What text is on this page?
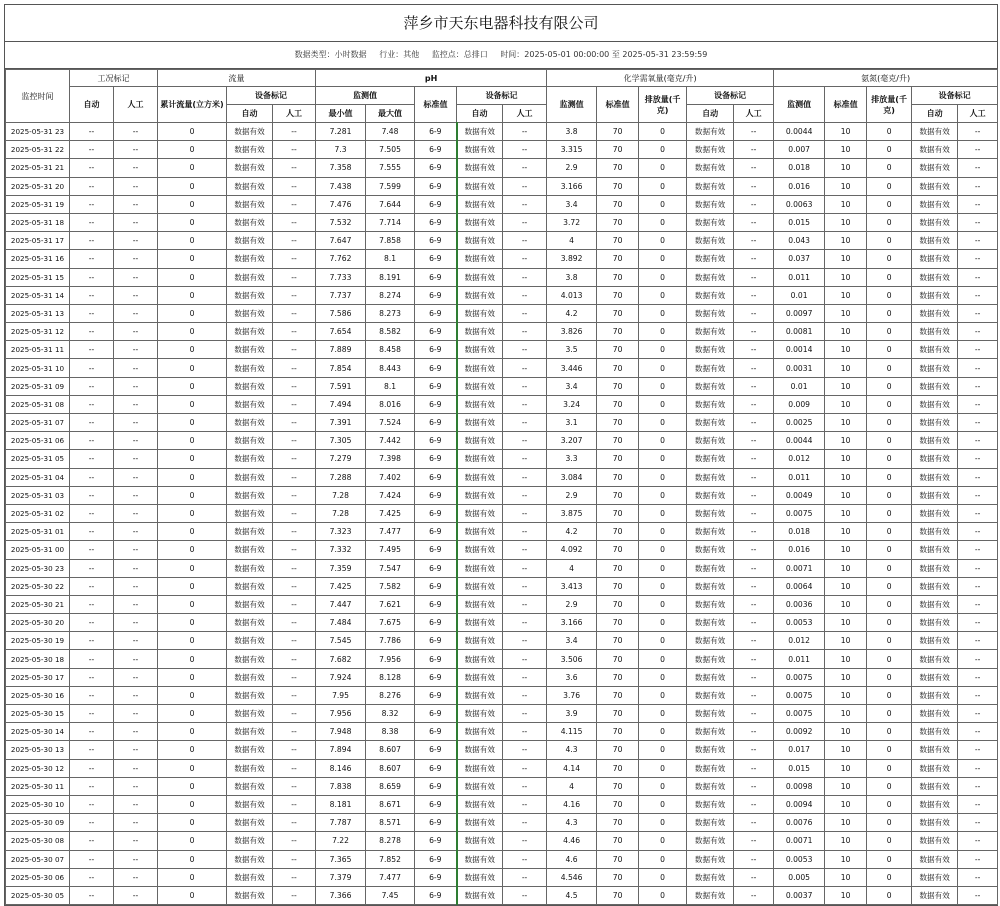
萍乡市天东电器科技有限公司
数据类型：小时数据 行业：其他 监控点：总排口 时间：2025-05-01 00:00:00 至 2025-05-31 23:59:59
监控时间	工况标记		流量			pH					化学需氧量(毫克/升)					氨氮(毫克/升)				
	自动	人工	累计流量(立方米)	设备标记		监测值		标准值	设备标记		监测值	标准值	排放量(千克)	设备标记		监测值	标准值	排放量(千克)	设备标记	
				自动	人工	最小值	最大值		自动	人工				自动	人工				自动	人工
2025-05-31 23	--	--	0	数据有效	--	7.281	7.48	6-9	数据有效	--	3.8	70	0	数据有效	--	0.0044	10	0	数据有效	--
2025-05-31 22	--	--	0	数据有效	--	7.3	7.505	6-9	数据有效	--	3.315	70	0	数据有效	--	0.007	10	0	数据有效	--
2025-05-31 21	--	--	0	数据有效	--	7.358	7.555	6-9	数据有效	--	2.9	70	0	数据有效	--	0.018	10	0	数据有效	--
2025-05-31 20	--	--	0	数据有效	--	7.438	7.599	6-9	数据有效	--	3.166	70	0	数据有效	--	0.016	10	0	数据有效	--
2025-05-31 19	--	--	0	数据有效	--	7.476	7.644	6-9	数据有效	--	3.4	70	0	数据有效	--	0.0063	10	0	数据有效	--
2025-05-31 18	--	--	0	数据有效	--	7.532	7.714	6-9	数据有效	--	3.72	70	0	数据有效	--	0.015	10	0	数据有效	--
2025-05-31 17	--	--	0	数据有效	--	7.647	7.858	6-9	数据有效	--	4	70	0	数据有效	--	0.043	10	0	数据有效	--
2025-05-31 16	--	--	0	数据有效	--	7.762	8.1	6-9	数据有效	--	3.892	70	0	数据有效	--	0.037	10	0	数据有效	--
2025-05-31 15	--	--	0	数据有效	--	7.733	8.191	6-9	数据有效	--	3.8	70	0	数据有效	--	0.011	10	0	数据有效	--
2025-05-31 14	--	--	0	数据有效	--	7.737	8.274	6-9	数据有效	--	4.013	70	0	数据有效	--	0.01	10	0	数据有效	--
2025-05-31 13	--	--	0	数据有效	--	7.586	8.273	6-9	数据有效	--	4.2	70	0	数据有效	--	0.0097	10	0	数据有效	--
2025-05-31 12	--	--	0	数据有效	--	7.654	8.582	6-9	数据有效	--	3.826	70	0	数据有效	--	0.0081	10	0	数据有效	--
2025-05-31 11	--	--	0	数据有效	--	7.889	8.458	6-9	数据有效	--	3.5	70	0	数据有效	--	0.0014	10	0	数据有效	--
2025-05-31 10	--	--	0	数据有效	--	7.854	8.443	6-9	数据有效	--	3.446	70	0	数据有效	--	0.0031	10	0	数据有效	--
2025-05-31 09	--	--	0	数据有效	--	7.591	8.1	6-9	数据有效	--	3.4	70	0	数据有效	--	0.01	10	0	数据有效	--
2025-05-31 08	--	--	0	数据有效	--	7.494	8.016	6-9	数据有效	--	3.24	70	0	数据有效	--	0.009	10	0	数据有效	--
2025-05-31 07	--	--	0	数据有效	--	7.391	7.524	6-9	数据有效	--	3.1	70	0	数据有效	--	0.0025	10	0	数据有效	--
2025-05-31 06	--	--	0	数据有效	--	7.305	7.442	6-9	数据有效	--	3.207	70	0	数据有效	--	0.0044	10	0	数据有效	--
2025-05-31 05	--	--	0	数据有效	--	7.279	7.398	6-9	数据有效	--	3.3	70	0	数据有效	--	0.012	10	0	数据有效	--
2025-05-31 04	--	--	0	数据有效	--	7.288	7.402	6-9	数据有效	--	3.084	70	0	数据有效	--	0.011	10	0	数据有效	--
2025-05-31 03	--	--	0	数据有效	--	7.28	7.424	6-9	数据有效	--	2.9	70	0	数据有效	--	0.0049	10	0	数据有效	--
2025-05-31 02	--	--	0	数据有效	--	7.28	7.425	6-9	数据有效	--	3.875	70	0	数据有效	--	0.0075	10	0	数据有效	--
2025-05-31 01	--	--	0	数据有效	--	7.323	7.477	6-9	数据有效	--	4.2	70	0	数据有效	--	0.018	10	0	数据有效	--
2025-05-31 00	--	--	0	数据有效	--	7.332	7.495	6-9	数据有效	--	4.092	70	0	数据有效	--	0.016	10	0	数据有效	--
2025-05-30 23	--	--	0	数据有效	--	7.359	7.547	6-9	数据有效	--	4	70	0	数据有效	--	0.0071	10	0	数据有效	--
2025-05-30 22	--	--	0	数据有效	--	7.425	7.582	6-9	数据有效	--	3.413	70	0	数据有效	--	0.0064	10	0	数据有效	--
2025-05-30 21	--	--	0	数据有效	--	7.447	7.621	6-9	数据有效	--	2.9	70	0	数据有效	--	0.0036	10	0	数据有效	--
2025-05-30 20	--	--	0	数据有效	--	7.484	7.675	6-9	数据有效	--	3.166	70	0	数据有效	--	0.0053	10	0	数据有效	--
2025-05-30 19	--	--	0	数据有效	--	7.545	7.786	6-9	数据有效	--	3.4	70	0	数据有效	--	0.012	10	0	数据有效	--
2025-05-30 18	--	--	0	数据有效	--	7.682	7.956	6-9	数据有效	--	3.506	70	0	数据有效	--	0.011	10	0	数据有效	--
2025-05-30 17	--	--	0	数据有效	--	7.924	8.128	6-9	数据有效	--	3.6	70	0	数据有效	--	0.0075	10	0	数据有效	--
2025-05-30 16	--	--	0	数据有效	--	7.95	8.276	6-9	数据有效	--	3.76	70	0	数据有效	--	0.0075	10	0	数据有效	--
2025-05-30 15	--	--	0	数据有效	--	7.956	8.32	6-9	数据有效	--	3.9	70	0	数据有效	--	0.0075	10	0	数据有效	--
2025-05-30 14	--	--	0	数据有效	--	7.948	8.38	6-9	数据有效	--	4.115	70	0	数据有效	--	0.0092	10	0	数据有效	--
2025-05-30 13	--	--	0	数据有效	--	7.894	8.607	6-9	数据有效	--	4.3	70	0	数据有效	--	0.017	10	0	数据有效	--
2025-05-30 12	--	--	0	数据有效	--	8.146	8.607	6-9	数据有效	--	4.14	70	0	数据有效	--	0.015	10	0	数据有效	--
2025-05-30 11	--	--	0	数据有效	--	7.838	8.659	6-9	数据有效	--	4	70	0	数据有效	--	0.0098	10	0	数据有效	--
2025-05-30 10	--	--	0	数据有效	--	8.181	8.671	6-9	数据有效	--	4.16	70	0	数据有效	--	0.0094	10	0	数据有效	--
2025-05-30 09	--	--	0	数据有效	--	7.787	8.571	6-9	数据有效	--	4.3	70	0	数据有效	--	0.0076	10	0	数据有效	--
2025-05-30 08	--	--	0	数据有效	--	7.22	8.278	6-9	数据有效	--	4.46	70	0	数据有效	--	0.0071	10	0	数据有效	--
2025-05-30 07	--	--	0	数据有效	--	7.365	7.852	6-9	数据有效	--	4.6	70	0	数据有效	--	0.0053	10	0	数据有效	--
2025-05-30 06	--	--	0	数据有效	--	7.379	7.477	6-9	数据有效	--	4.546	70	0	数据有效	--	0.005	10	0	数据有效	--
2025-05-30 05	--	--	0	数据有效	--	7.366	7.45	6-9	数据有效	--	4.5	70	0	数据有效	--	0.0037	10	0	数据有效	--
